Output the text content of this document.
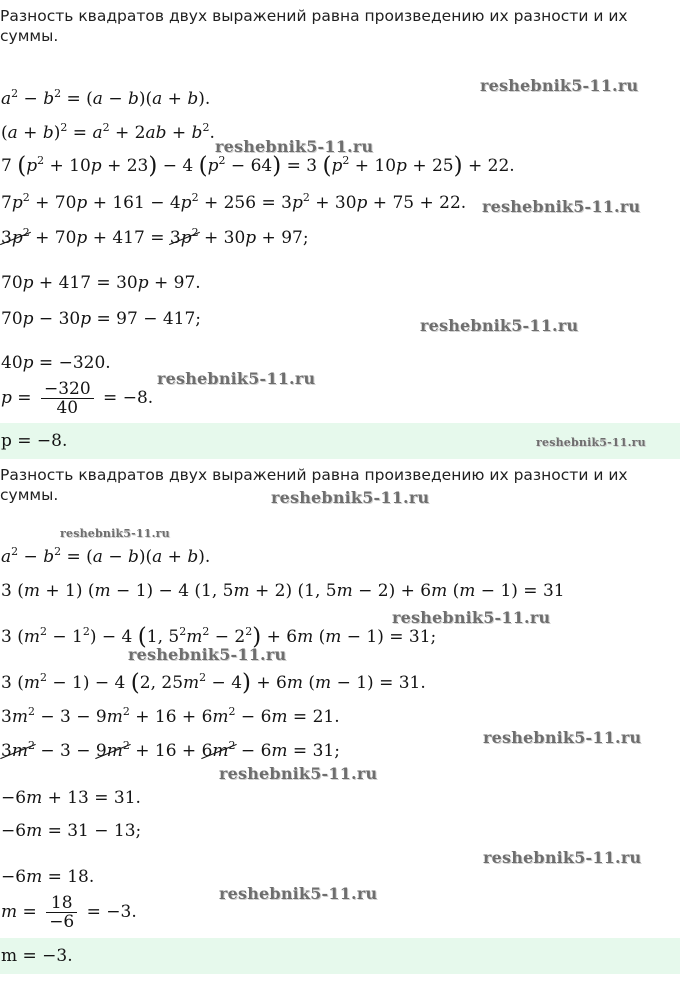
Разность квадратов двух выражений равна произведению их разности и их суммы.
$a^2 - b^2 = (a - b)(a + b)$.
$(a + b)^2 = a^2 + 2ab + b^2$.
7 $(p^2 + 10p + 23) - 4$ $(p^2 - 64) = 3$ $(p^2 + 10p + 25) + 22$.
$7p^2 + 70p + 161 - 4p^2 + 256 = 3p^2 + 30p + 75 + 22$.
$3p^2 + 70p + 417 = 3p^2 + 30p + 97$;
70p + 417 = 30p + 97.
70p − 30p = 97 − 417;
40p = −320.
$p = \frac{-320}{40} = -8$.
p = −8.
Разность квадратов двух выражений равна произведению их разности и их суммы.
$a^2 - b^2 = (a - b)(a + b)$.
3 (m + 1) (m − 1) − 4 (1, 5m + 2) (1, 5m − 2) + 6m (m − 1) = 31
3 $(m^2 - 1^2) - 4$ (1, $5^2m^2 - 2^2) + 6m$ (m − 1) = 31;
3 $(m^2 - 1) - 4$ (2, $25m^2 - 4) + 6m$ (m − 1) = 31.
$3m^2 - 3 - 9m^2 + 16 + 6m^2 - 6m = 21$.
$3m^2 - 3 - 9m^2 + 16 + 6m^2 - 6m = 31$;
−6m + 13 = 31.
−6m = 31 − 13;
−6m = 18.
$m = \frac{18}{-6} = -3$.
m = −3.
reshebnik5-11.ru
reshebnik5-11.ru
reshebnik5-11.ru
reshebnik5-11.ru
reshebnik5-11.ru
reshebnik5-11.ru
reshebnik5-11.ru
reshebnik5-11.ru
reshebnik5-11.ru
reshebnik5-11.ru
reshebnik5-11.ru
reshebnik5-11.ru
reshebnik5-11.ru
reshebnik5-11.ru
